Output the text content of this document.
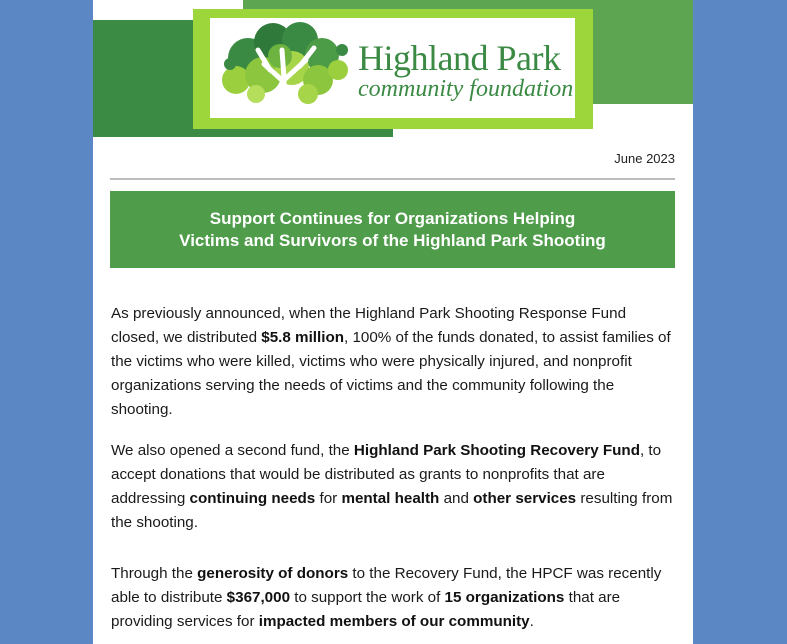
Highland Park
community foundation
June 2023
Support Continues for Organizations Helping
Victims and Survivors of the Highland Park Shooting

As previously announced, when the Highland Park Shooting Response Fund closed, we distributed $5.8 million, 100% of the funds donated, to assist families of the victims who were killed, victims who were physically injured, and nonprofit organizations serving the needs of victims and the community following the shooting.

We also opened a second fund, the Highland Park Shooting Recovery Fund, to accept donations that would be distributed as grants to nonprofits that are addressing continuing needs for mental health and other services resulting from the shooting.

Through the generosity of donors to the Recovery Fund, the HPCF was recently able to distribute $367,000 to support the work of 15 organizations that are providing services for impacted members of our community.
